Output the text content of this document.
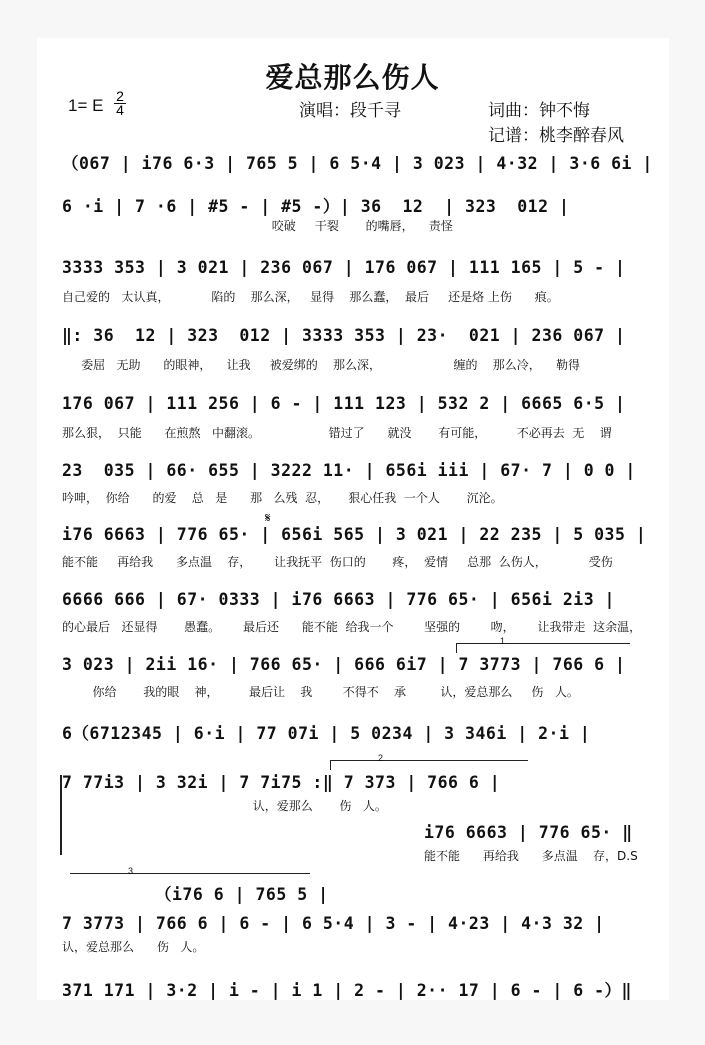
爱总那么伤人
1= E $\frac{2}{4}$	演唱：段千寻	词曲：钟不悔
记谱：桃李醉春风
（067 | i76 6·3 | 765 5 | 6 5·4 | 3 023 | 4·32 | 3·6 6i |
6 ·i | 7 ·6 | #5 - | #5 -）| 36  12  | 323  012 |
咬破     干裂       的嘴唇，    责怪
3333 353 | 3 021 | 236 067 | 176 067 | 111 165 | 5 - |
自己爱的   太认真，           陷的    那么深，   显得    那么蠢，  最后     还是烙 上伤      痕。
‖: 36  12 | 323  012 | 3333 353 | 23·  021 | 236 067 |
委屈   无助      的眼神，    让我     被爱绑的    那么深，                   缠的    那么冷，    勒得
176 067 | 111 256 | 6 - | 111 123 | 532 2 | 6665 6·5 |
那么狠，  只能      在煎熬   中翻滚。                  错过了      就没       有可能，        不必再去  无    谓
23  035 | 66· 655 | 3222 11· | 656i iii | 67· 7 | 0 0 |
吟呻，  你给      的爱    总   是      那   么残  忍，     狠心任我  一个人       沉沦。
𝄋
i76 6663 | 776 65· | 656i 565 | 3 021 | 22 235 | 5 035 |
能不能     再给我      多点温    存，      让我抚平  伤口的       疼，  爱情     总那  么伤人，           受伤
6666 666 | 67· 0333 | i76 6663 | 776 65· | 656i 2i3 |
的心最后   还显得       愚蠢。      最后还      能不能  给我一个        坚强的        吻，      让我带走  这余温，
1
3 023 | 2ii 16· | 766 65· | 666 6i7 | 7 3773 | 766 6 |
你给       我的眼    神，        最后让    我        不得不    承         认，爱总那么     伤   人。
6（6712345 | 6·i | 77 07i | 5 0234 | 3 346i | 2·i |
2
7 77i3 | 3 32i | 7 7i75 :‖ 7 373 | 766 6 |
认，爱那么       伤   人。
i76 6663 | 776 65· ‖
能不能      再给我      多点温    存，D.S
3
（i76 6 | 765 5 |
7 3773 | 766 6 | 6 - | 6 5·4 | 3 - | 4·23 | 4·3 32 |
认，爱总那么      伤   人。
371 171 | 3·2 | i - | i 1 | 2 - | 2·· 17 | 6 - | 6 -）‖
